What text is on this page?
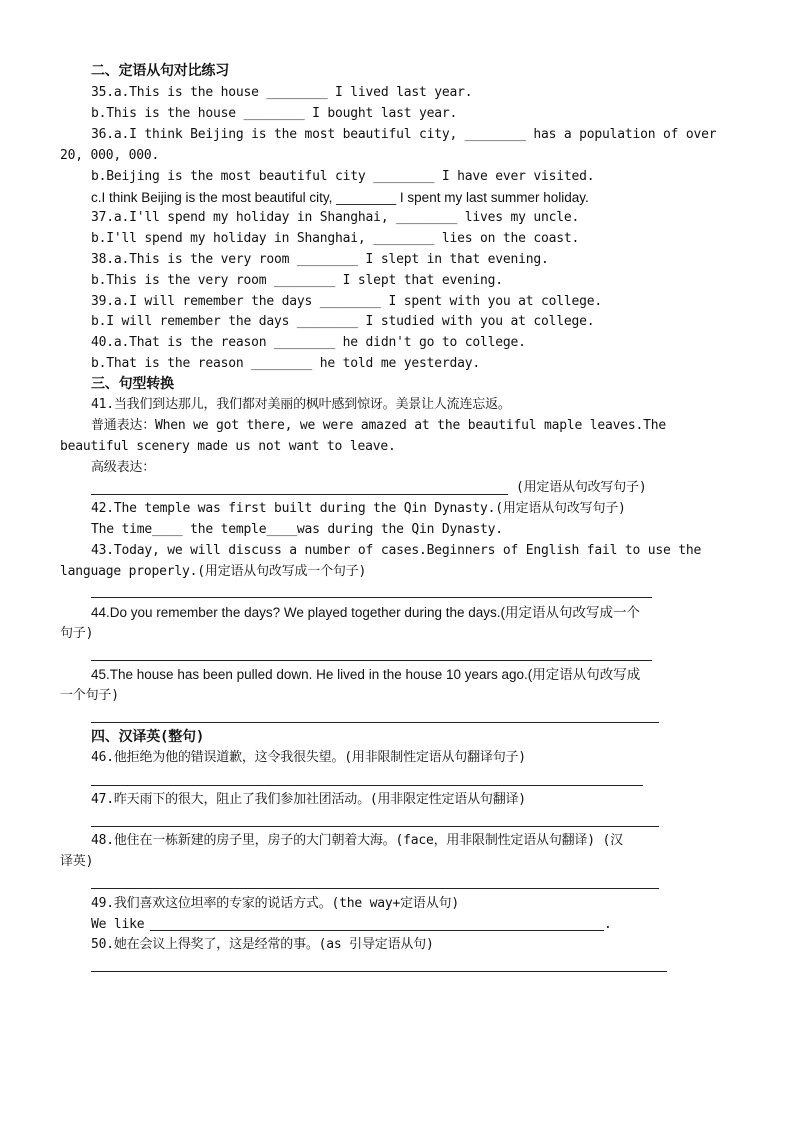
二、定语从句对比练习
35.a.This is the house ________ I lived last year.
b.This is the house ________ I bought last year.
36.a.I think Beijing is the most beautiful city, ________ has a population of over
20, 000, 000.
b.Beijing is the most beautiful city ________ I have ever visited.
c.I think Beijing is the most beautiful city, ________ I spent my last summer holiday.
37.a.I'll spend my holiday in Shanghai, ________ lives my uncle.
b.I'll spend my holiday in Shanghai, ________ lies on the coast.
38.a.This is the very room ________ I slept in that evening.
b.This is the very room ________ I slept that evening.
39.a.I will remember the days ________ I spent with you at college.
b.I will remember the days ________ I studied with you at college.
40.a.That is the reason ________ he didn't go to college.
b.That is the reason ________ he told me yesterday.
三、句型转换
41.当我们到达那儿，我们都对美丽的枫叶感到惊讶。美景让人流连忘返。
普通表达：When we got there, we were amazed at the beautiful maple leaves.The
beautiful scenery made us not want to leave.
高级表达：
(用定语从句改写句子)
42.The temple was first built during the Qin Dynasty.(用定语从句改写句子)
The time____ the temple____was during the Qin Dynasty.
43.Today, we will discuss a number of cases.Beginners of English fail to use the
language properly.(用定语从句改写成一个句子)
44.Do you remember the days? We played together during the days.(用定语从句改写成一个
句子)
45.The house has been pulled down. He lived in the house 10 years ago.(用定语从句改写成
一个句子)
四、汉译英(整句)
46.他拒绝为他的错误道歉，这令我很失望。(用非限制性定语从句翻译句子)
47.昨天雨下的很大，阻止了我们参加社团活动。(用非限定性定语从句翻译)
48.他住在一栋新建的房子里，房子的大门朝着大海。(face，用非限制性定语从句翻译) (汉
译英)
49.我们喜欢这位坦率的专家的说话方式。(the way+定语从句)
We like	.
50.她在会议上得奖了，这是经常的事。(as 引导定语从句)
